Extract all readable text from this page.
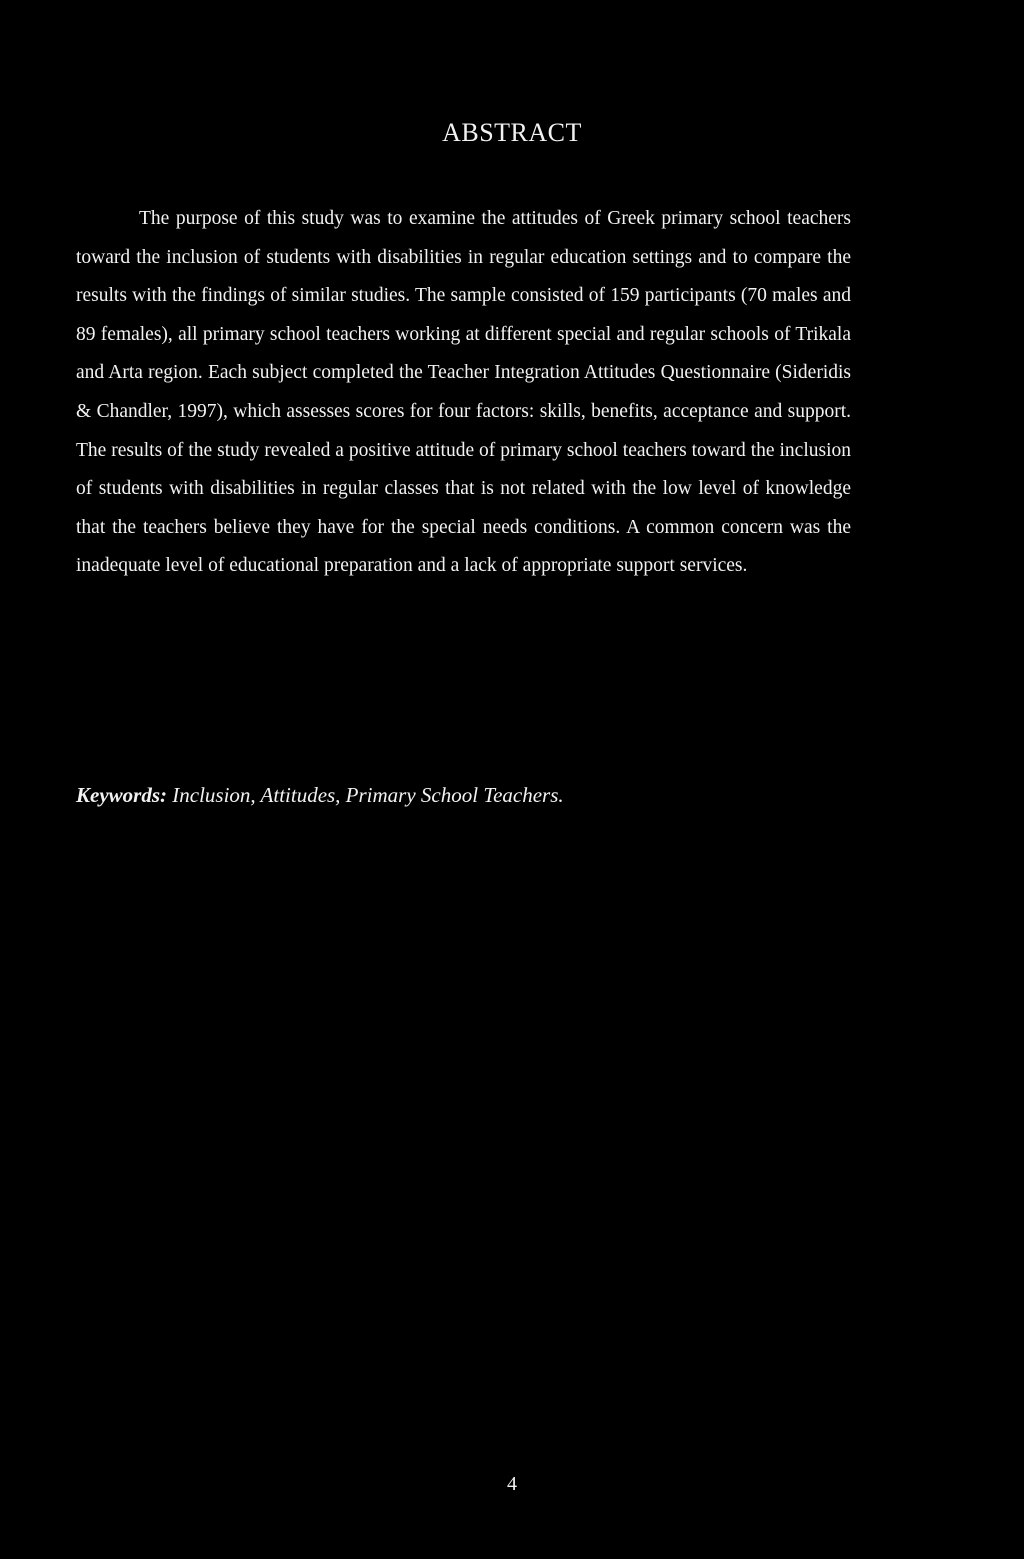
ABSTRACT

The purpose of this study was to examine the attitudes of Greek primary school teachers toward the inclusion of students with disabilities in regular education settings and to compare the results with the findings of similar studies. The sample consisted of 159 participants (70 males and 89 females), all primary school teachers working at different special and regular schools of Trikala and Arta region. Each subject completed the Teacher Integration Attitudes Questionnaire (Sideridis & Chandler, 1997), which assesses scores for four factors: skills, benefits, acceptance and support. The results of the study revealed a positive attitude of primary school teachers toward the inclusion of students with disabilities in regular classes that is not related with the low level of knowledge that the teachers believe they have for the special needs conditions. A common concern was the inadequate level of educational preparation and a lack of appropriate support services.

Keywords: Inclusion, Attitudes, Primary School Teachers.
4
